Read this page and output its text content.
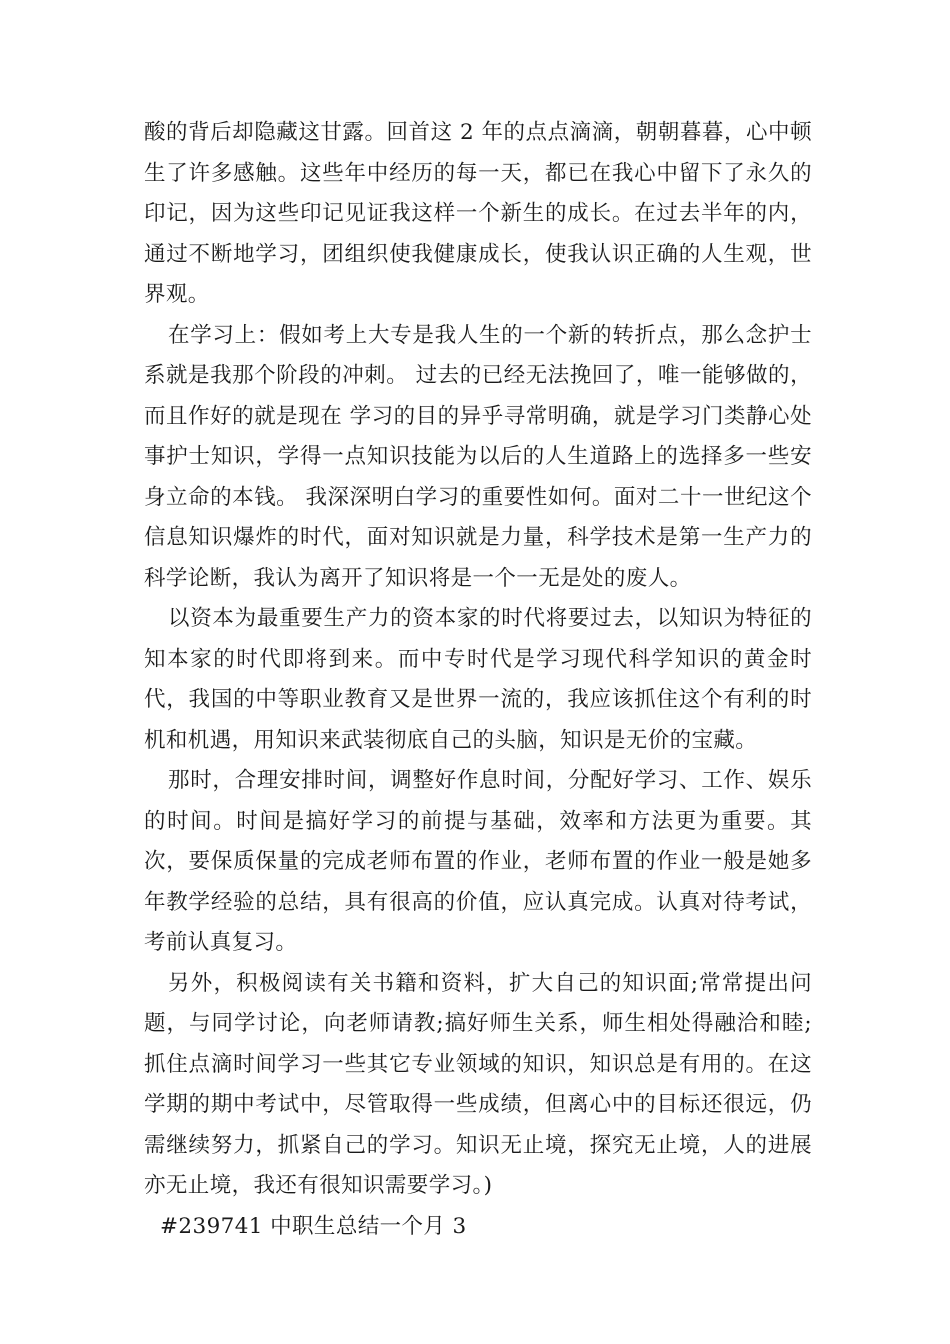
酸的背后却隐藏这甘露。回首这 2 年的点点滴滴，朝朝暮暮，心中顿生了许多感触。这些年中经历的每一天，都已在我心中留下了永久的印记，因为这些印记见证我这样一个新生的成长。在过去半年的内，通过不断地学习，团组织使我健康成长，使我认识正确的人生观，世界观。

在学习上：假如考上大专是我人生的一个新的转折点，那么念护士系就是我那个阶段的冲刺。 过去的已经无法挽回了，唯一能够做的，而且作好的就是现在 学习的目的异乎寻常明确，就是学习门类静心处事护士知识，学得一点知识技能为以后的人生道路上的选择多一些安身立命的本钱。 我深深明白学习的重要性如何。面对二十一世纪这个信息知识爆炸的时代，面对知识就是力量，科学技术是第一生产力的科学论断，我认为离开了知识将是一个一无是处的废人。

以资本为最重要生产力的资本家的时代将要过去，以知识为特征的知本家的时代即将到来。而中专时代是学习现代科学知识的黄金时代，我国的中等职业教育又是世界一流的，我应该抓住这个有利的时机和机遇，用知识来武装彻底自己的头脑，知识是无价的宝藏。

那时，合理安排时间，调整好作息时间，分配好学习、工作、娱乐的时间。时间是搞好学习的前提与基础，效率和方法更为重要。其次，要保质保量的完成老师布置的作业，老师布置的作业一般是她多年教学经验的总结，具有很高的价值，应认真完成。认真对待考试，考前认真复习。

另外，积极阅读有关书籍和资料，扩大自己的知识面;常常提出问题，与同学讨论，向老师请教;搞好师生关系，师生相处得融洽和睦;抓住点滴时间学习一些其它专业领域的知识，知识总是有用的。在这学期的期中考试中，尽管取得一些成绩，但离心中的目标还很远，仍需继续努力，抓紧自己的学习。知识无止境，探究无止境，人的进展亦无止境，我还有很知识需要学习。)

#239741 中职生总结一个月 3
